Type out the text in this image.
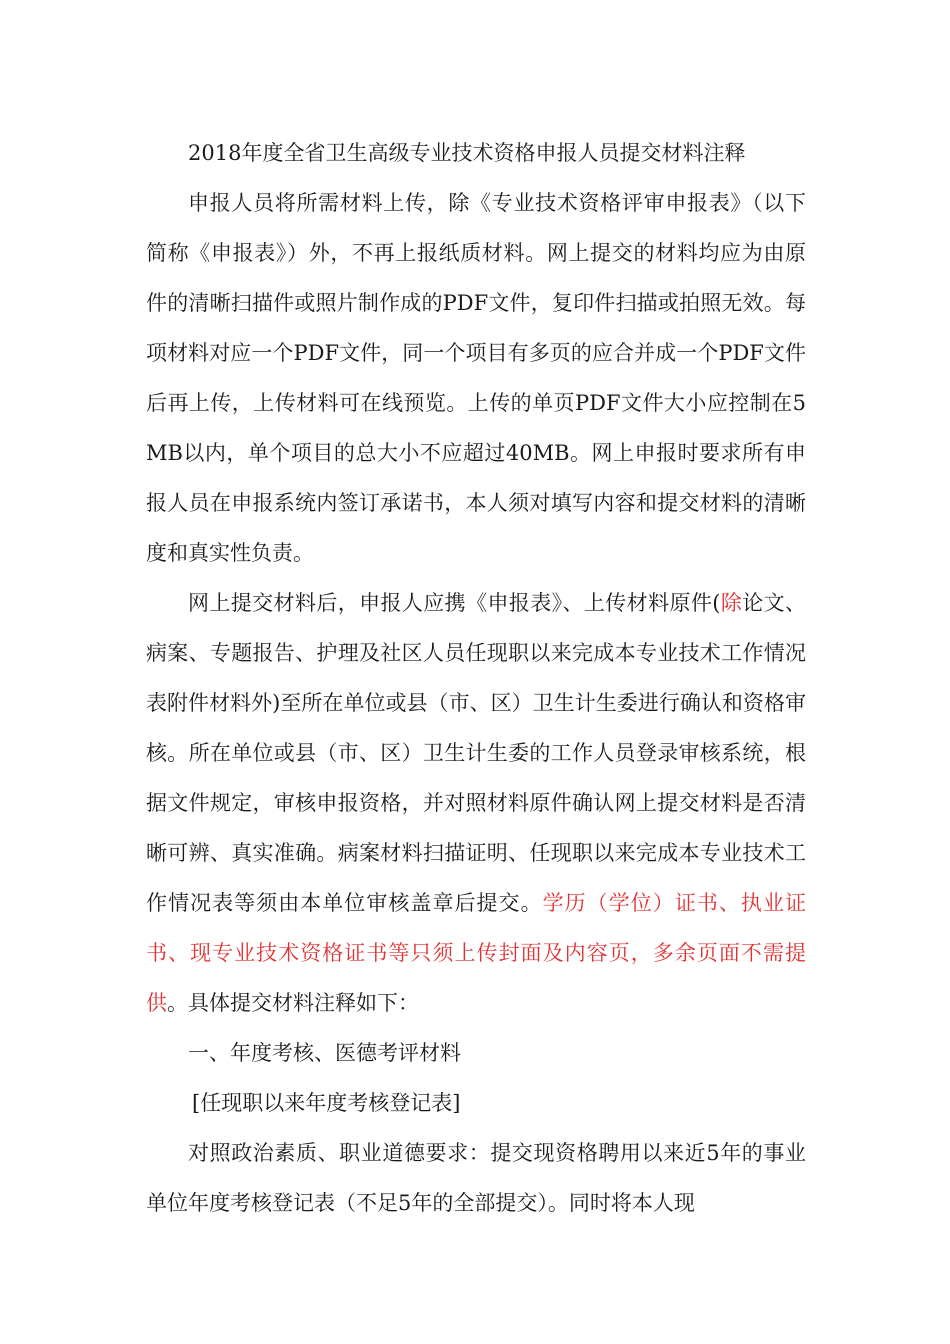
2018年度全省卫生高级专业技术资格申报人员提交材料注释

申报人员将所需材料上传，除《专业技术资格评审申报表》（以下简称《申报表》）外，不再上报纸质材料。网上提交的材料均应为由原件的清晰扫描件或照片制作成的PDF文件，复印件扫描或拍照无效。每项材料对应一个PDF文件，同一个项目有多页的应合并成一个PDF文件后再上传，上传材料可在线预览。上传的单页PDF文件大小应控制在5MB以内，单个项目的总大小不应超过40MB。网上申报时要求所有申报人员在申报系统内签订承诺书，本人须对填写内容和提交材料的清晰度和真实性负责。

网上提交材料后，申报人应携《申报表》、上传材料原件(除论文、病案、专题报告、护理及社区人员任现职以来完成本专业技术工作情况表附件材料外)至所在单位或县（市、区）卫生计生委进行确认和资格审核。所在单位或县（市、区）卫生计生委的工作人员登录审核系统，根据文件规定，审核申报资格，并对照材料原件确认网上提交材料是否清晰可辨、真实准确。病案材料扫描证明、任现职以来完成本专业技术工作情况表等须由本单位审核盖章后提交。学历（学位）证书、执业证书、现专业技术资格证书等只须上传封面及内容页，多余页面不需提供。具体提交材料注释如下：

一、年度考核、医德考评材料

[任现职以来年度考核登记表]

对照政治素质、职业道德要求：提交现资格聘用以来近5年的事业单位年度考核登记表（不足5年的全部提交）。同时将本人现
